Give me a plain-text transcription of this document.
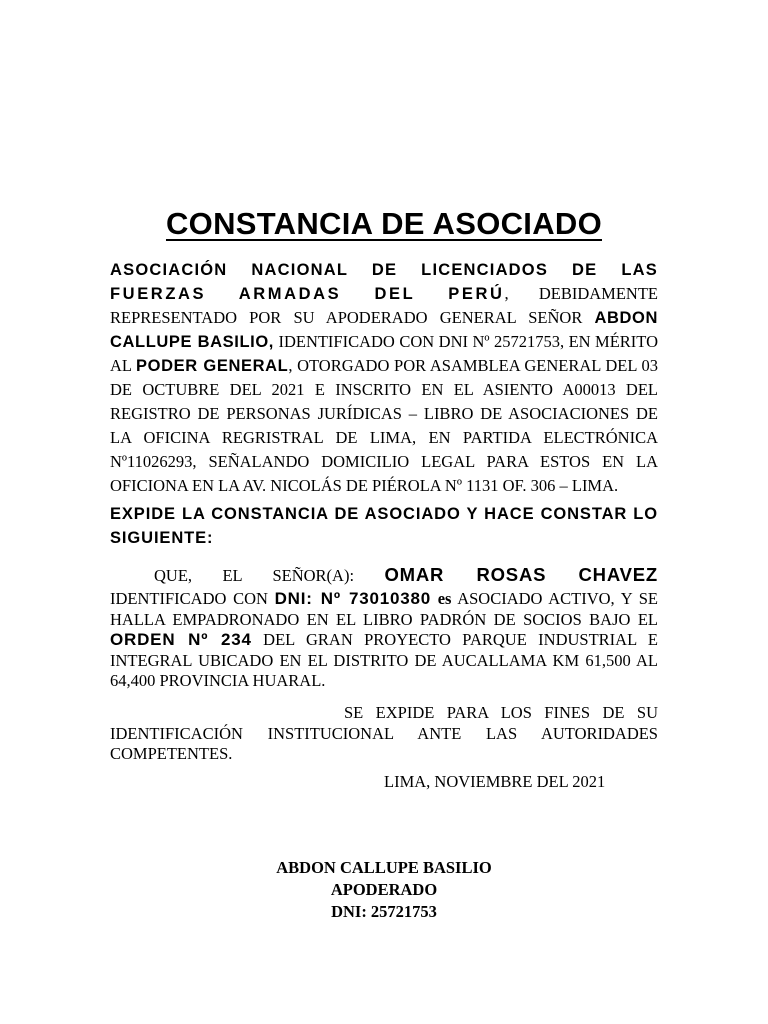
CONSTANCIA DE ASOCIADO
ASOCIACIÓN NACIONAL DE LICENCIADOS DE LAS
FUERZAS ARMADAS DEL PERÚ, DEBIDAMENTE REPRESENTADO POR SU APODERADO GENERAL SEÑOR ABDON CALLUPE BASILIO, IDENTIFICADO CON DNI Nº 25721753, EN MÉRITO AL PODER GENERAL, OTORGADO POR ASAMBLEA GENERAL DEL 03 DE OCTUBRE DEL 2021 E INSCRITO EN EL ASIENTO A00013 DEL REGISTRO DE PERSONAS JURÍDICAS – LIBRO DE ASOCIACIONES DE LA OFICINA REGRISTRAL DE LIMA, EN PARTIDA ELECTRÓNICA Nº11026293, SEÑALANDO DOMICILIO LEGAL PARA ESTOS EN LA OFICIONA EN LA AV. NICOLÁS DE PIÉROLA Nº 1131 OF. 306 – LIMA.
EXPIDE LA CONSTANCIA DE ASOCIADO Y HACE CONSTAR LO SIGUIENTE:
QUE, EL SEÑOR(A): OMAR ROSAS CHAVEZ
IDENTIFICADO CON DNI: Nº 73010380 es ASOCIADO ACTIVO, Y SE HALLA EMPADRONADO EN EL LIBRO PADRÓN DE SOCIOS BAJO EL ORDEN Nº 234 DEL GRAN PROYECTO PARQUE INDUSTRIAL E INTEGRAL UBICADO EN EL DISTRITO DE AUCALLAMA KM 61,500 AL 64,400 PROVINCIA HUARAL.
SE EXPIDE PARA LOS FINES DE SU IDENTIFICACIÓN INSTITUCIONAL ANTE LAS AUTORIDADES COMPETENTES.
LIMA, NOVIEMBRE DEL 2021
ABDON CALLUPE BASILIO
APODERADO
DNI: 25721753
